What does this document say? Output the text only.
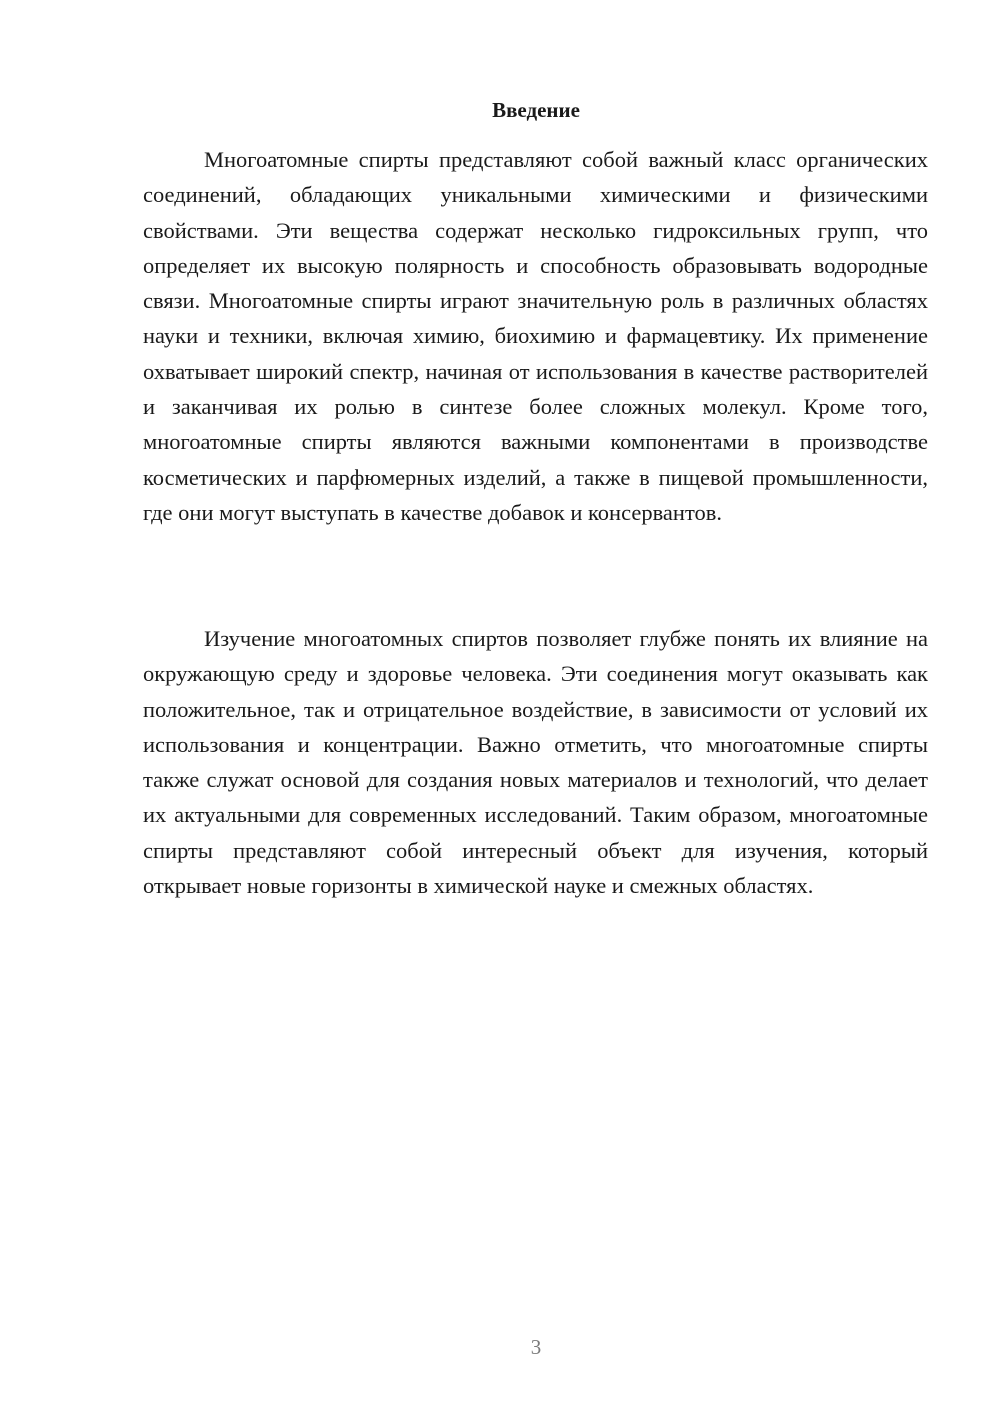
Введение

Многоатомные спирты представляют собой важный класс органических соединений, обладающих уникальными химическими и физическими свойствами. Эти вещества содержат несколько гидроксильных групп, что определяет их высокую полярность и способность образовывать водородные связи. Многоатомные спирты играют значительную роль в различных областях науки и техники, включая химию, биохимию и фармацевтику. Их применение охватывает широкий спектр, начиная от использования в качестве растворителей и заканчивая их ролью в синтезе более сложных молекул. Кроме того, многоатомные спирты являются важными компонентами в производстве косметических и парфюмерных изделий, а также в пищевой промышленности, где они могут выступать в качестве добавок и консервантов.

Изучение многоатомных спиртов позволяет глубже понять их влияние на окружающую среду и здоровье человека. Эти соединения могут оказывать как положительное, так и отрицательное воздействие, в зависимости от условий их использования и концентрации. Важно отметить, что многоатомные спирты также служат основой для создания новых материалов и технологий, что делает их актуальными для современных исследований. Таким образом, многоатомные спирты представляют собой интересный объект для изучения, который открывает новые горизонты в химической науке и смежных областях.

3
